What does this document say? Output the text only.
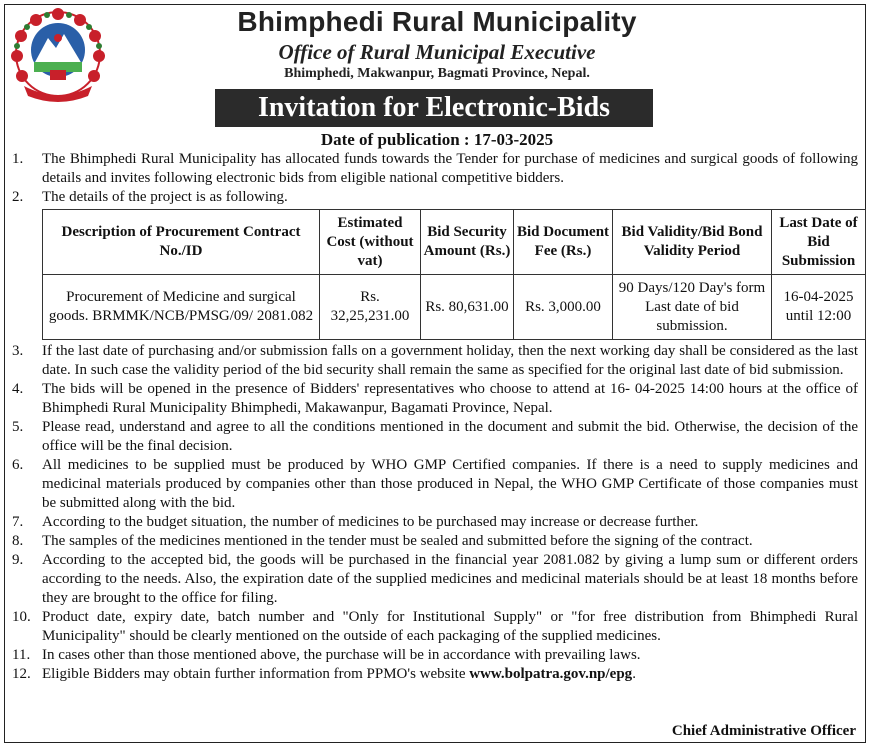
Bhimphedi Rural Municipality
Office of Rural Municipal Executive
Bhimphedi, Makwanpur, Bagmati Province, Nepal.
Invitation for Electronic-Bids
Date of publication : 17-03-2025
1.	The Bhimphedi Rural Municipality has allocated funds towards the Tender for purchase of medicines and surgical goods of following details and invites following electronic bids from eligible national competitive bidders.
2.	The details of the project is as following.
Description of Procurement Contract No./ID	Estimated Cost (without vat)	Bid Security Amount (Rs.)	Bid Document Fee (Rs.)	Bid Validity/Bid Bond Validity Period	Last Date of Bid Submission
Procurement of Medicine and surgical goods. BRMMK/NCB/PMSG/09/ 2081.082	Rs. 32,25,231.00	Rs. 80,631.00	Rs. 3,000.00	90 Days/120 Day's form Last date of bid submission.	16-04-2025 until 12:00
3.	If the last date of purchasing and/or submission falls on a government holiday, then the next working day shall be considered as the last date. In such case the validity period of the bid security shall remain the same as specified for the original last date of bid submission.
4.	The bids will be opened in the presence of Bidders' representatives who choose to attend at 16- 04-2025 14:00 hours at the office of Bhimphedi Rural Municipality Bhimphedi, Makawanpur, Bagamati Province, Nepal.
5.	Please read, understand and agree to all the conditions mentioned in the document and submit the bid. Otherwise, the decision of the office will be the final decision.
6.	All medicines to be supplied must be produced by WHO GMP Certified companies. If there is a need to supply medicines and medicinal materials produced by companies other than those produced in Nepal, the WHO GMP Certificate of those companies must be submitted along with the bid.
7.	According to the budget situation, the number of medicines to be purchased may increase or decrease further.
8.	The samples of the medicines mentioned in the tender must be sealed and submitted before the signing of the contract.
9.	According to the accepted bid, the goods will be purchased in the financial year 2081.082 by giving a lump sum or different orders according to the needs. Also, the expiration date of the supplied medicines and medicinal materials should be at least 18 months before they are brought to the office for filing.
10. Product date, expiry date, batch number and "Only for Institutional Supply" or "for free distribution from Bhimphedi Rural Municipality" should be clearly mentioned on the outside of each packaging of the supplied medicines.
11. In cases other than those mentioned above, the purchase will be in accordance with prevailing laws.
12. Eligible Bidders may obtain further information from PPMO's website www.bolpatra.gov.np/epg.
Chief Administrative Officer
